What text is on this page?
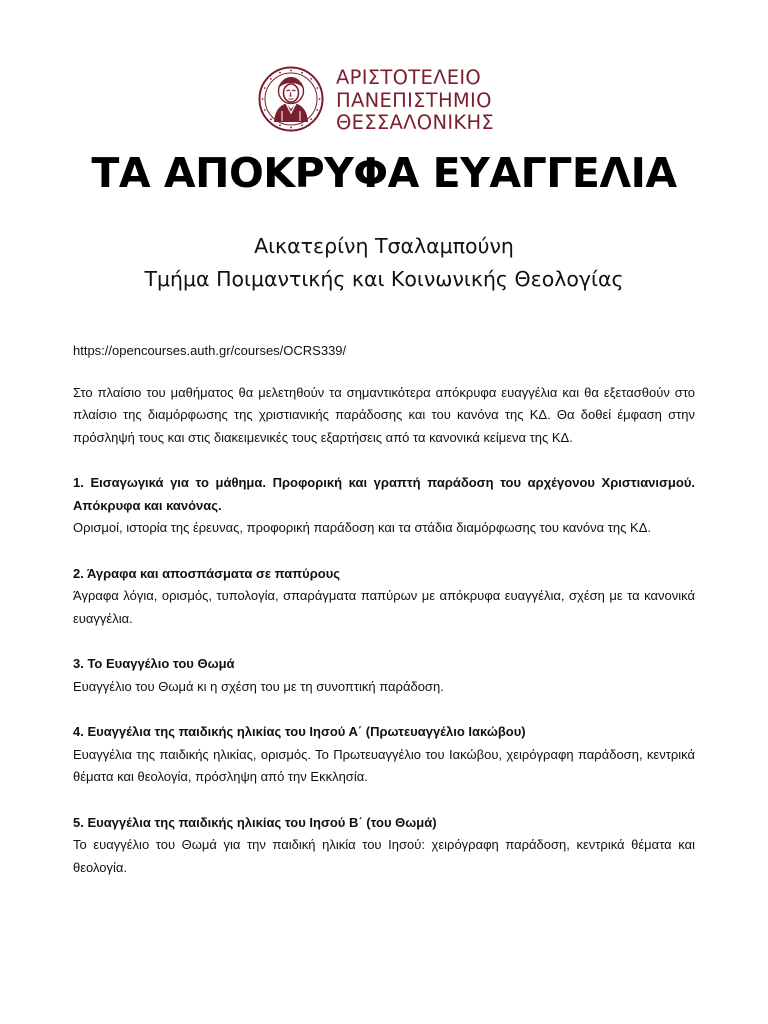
ΑΡΙΣΤΟΤΕΛΕΙΟ
ΠΑΝΕΠΙΣΤΗΜΙΟ
ΘΕΣΣΑΛΟΝΙΚΗΣ
ΤΑ ΑΠΟΚΡΥΦΑ ΕΥΑΓΓΕΛΙΑ
Αικατερίνη Τσαλαμπούνη
Τμήμα Ποιμαντικής και Κοινωνικής Θεολογίας

https://opencourses.auth.gr/courses/OCRS339/

Στο πλαίσιο του μαθήματος θα μελετηθούν τα σημαντικότερα απόκρυφα ευαγγέλια και θα εξετασθούν στο πλαίσιο της διαμόρφωσης της χριστιανικής παράδοσης και του κανόνα της ΚΔ. Θα δοθεί έμφαση στην πρόσληψή τους και στις διακειμενικές τους εξαρτήσεις από τα κανονικά κείμενα της ΚΔ.

1. Εισαγωγικά για το μάθημα. Προφορική και γραπτή παράδοση του αρχέγονου Χριστιανισμού. Απόκρυφα και κανόνας.

Ορισμοί, ιστορία της έρευνας, προφορική παράδοση και τα στάδια διαμόρφωσης του κανόνα της ΚΔ.

2. Άγραφα και αποσπάσματα σε παπύρους

Άγραφα λόγια, ορισμός, τυπολογία, σπαράγματα παπύρων με απόκρυφα ευαγγέλια, σχέση με τα κανονικά ευαγγέλια.

3. Το Ευαγγέλιο του Θωμά

Ευαγγέλιο του Θωμά κι η σχέση του με τη συνοπτική παράδοση.

4. Ευαγγέλια της παιδικής ηλικίας του Ιησού Α΄ (Πρωτευαγγέλιο Ιακώβου)

Ευαγγέλια της παιδικής ηλικίας, ορισμός. Το Πρωτευαγγέλιο του Ιακώβου, χειρόγραφη παράδοση, κεντρικά θέματα και θεολογία, πρόσληψη από την Εκκλησία.

5. Ευαγγέλια της παιδικής ηλικίας του Ιησού Β΄ (του Θωμά)

Το ευαγγέλιο του Θωμά για την παιδική ηλικία του Ιησού: χειρόγραφη παράδοση, κεντρικά θέματα και θεολογία.
